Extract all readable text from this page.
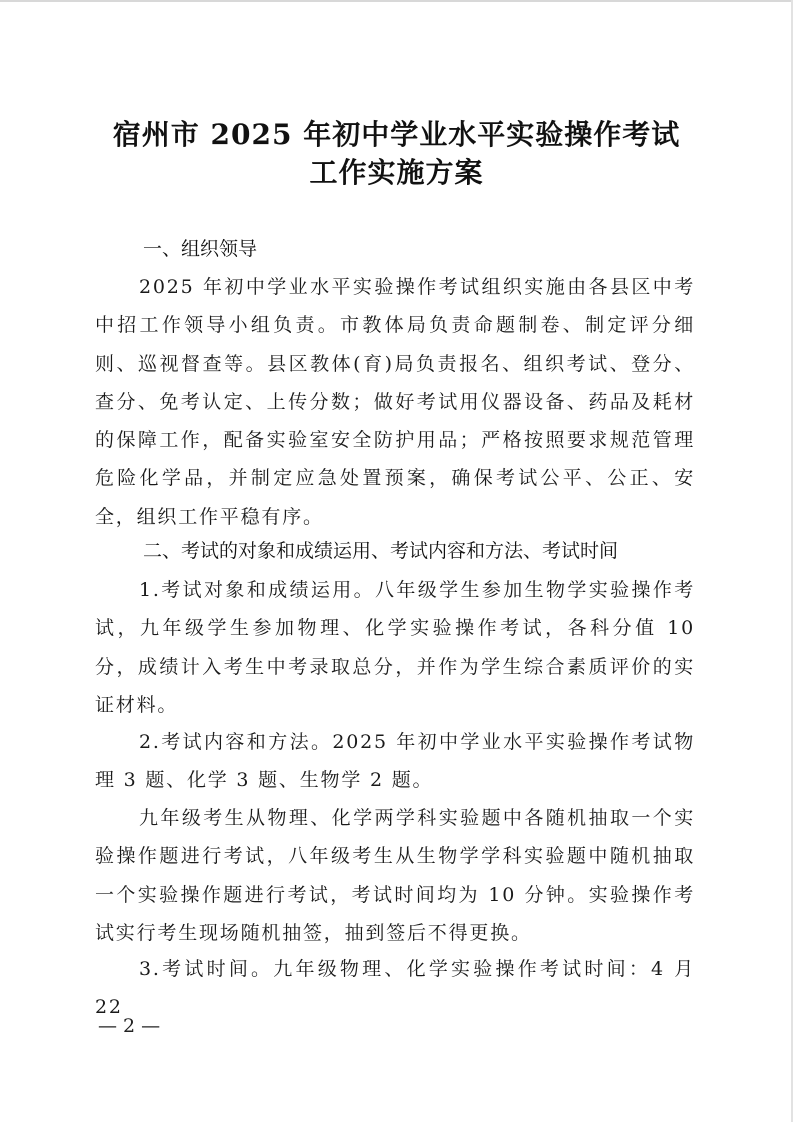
宿州市 2025 年初中学业水平实验操作考试
工作实施方案
一、组织领导

2025 年初中学业水平实验操作考试组织实施由各县区中考中招工作领导小组负责。市教体局负责命题制卷、制定评分细则、巡视督查等。县区教体(育)局负责报名、组织考试、登分、查分、免考认定、上传分数；做好考试用仪器设备、药品及耗材的保障工作，配备实验室安全防护用品；严格按照要求规范管理危险化学品，并制定应急处置预案，确保考试公平、公正、安全，组织工作平稳有序。

二、考试的对象和成绩运用、考试内容和方法、考试时间

1.考试对象和成绩运用。八年级学生参加生物学实验操作考试，九年级学生参加物理、化学实验操作考试，各科分值 10 分，成绩计入考生中考录取总分，并作为学生综合素质评价的实证材料。

2.考试内容和方法。2025 年初中学业水平实验操作考试物理 3 题、化学 3 题、生物学 2 题。

九年级考生从物理、化学两学科实验题中各随机抽取一个实验操作题进行考试，八年级考生从生物学学科实验题中随机抽取一个实验操作题进行考试，考试时间均为 10 分钟。实验操作考试实行考生现场随机抽签，抽到签后不得更换。

3.考试时间。九年级物理、化学实验操作考试时间：4 月 22

— 2 —
